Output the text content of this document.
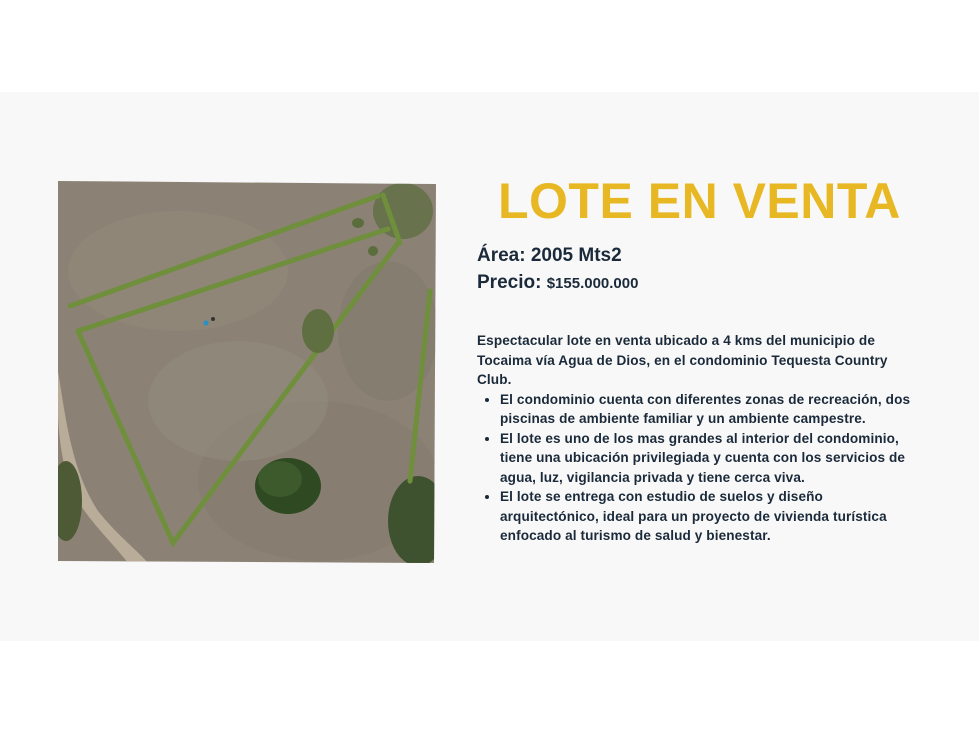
LOTE EN VENTA
Área: 2005 Mts2
Precio: $155.000.000

Espectacular lote en venta ubicado a 4 kms del municipio de Tocaima vía Agua de Dios, en el condominio Tequesta Country Club.

• El condominio cuenta con diferentes zonas de recreación, dos piscinas de ambiente familiar y un ambiente campestre.
• El lote es uno de los mas grandes al interior del condominio, tiene una ubicación privilegiada y cuenta con los servicios de agua, luz, vigilancia privada y tiene cerca viva.
• El lote se entrega con estudio de suelos y diseño arquitectónico, ideal para un proyecto de vivienda turística enfocado al turismo de salud y bienestar.
